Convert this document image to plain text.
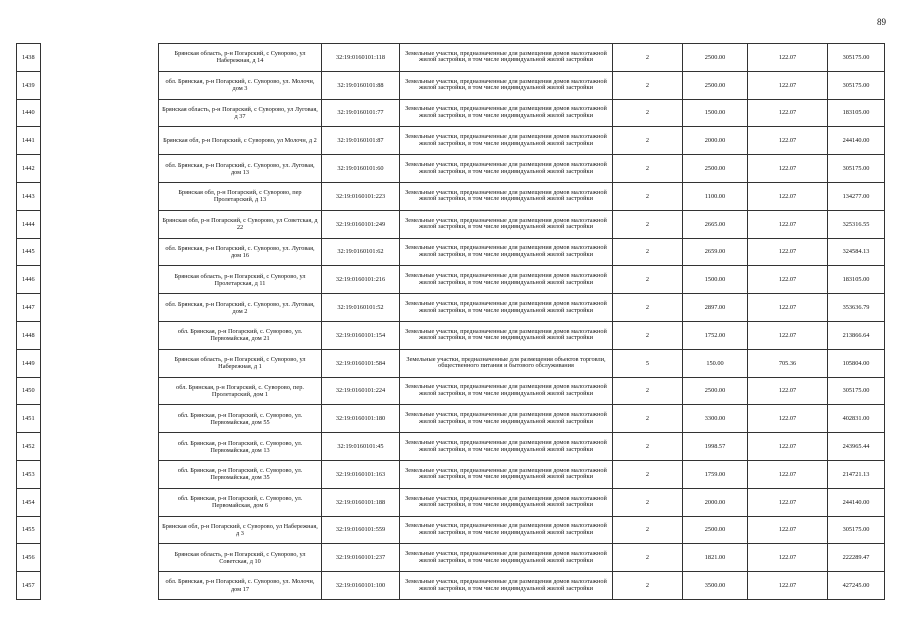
89
1438		Брянская область, р-н Погарский, с Суворово, ул Набережная, д 14	32:19:0160101:118	Земельные участки, предназначенные для размещения домов малоэтажной жилой застройки, в том числе индивидуальной жилой застройки	2	2500.00	122.07	305175.00
1439		обл. Брянская, р-н Погарский, с. Суворово, ул. Молочн, дом 3	32:19:0160101:88	Земельные участки, предназначенные для размещения домов малоэтажной жилой застройки, в том числе индивидуальной жилой застройки	2	2500.00	122.07	305175.00
1440		Брянская область, р-н Погарский, с Суворово, ул Луговая, д 37	32:19:0160101:77	Земельные участки, предназначенные для размещения домов малоэтажной жилой застройки, в том числе индивидуальной жилой застройки	2	1500.00	122.07	183105.00
1441		Брянская обл, р-н Погарский, с Суворово, ул Молочн, д 2	32:19:0160101:87	Земельные участки, предназначенные для размещения домов малоэтажной жилой застройки, в том числе индивидуальной жилой застройки	2	2000.00	122.07	244140.00
1442		обл. Брянская, р-н Погарский, с. Суворово, ул. Луговая, дом 13	32:19:0160101:60	Земельные участки, предназначенные для размещения домов малоэтажной жилой застройки, в том числе индивидуальной жилой застройки	2	2500.00	122.07	305175.00
1443		Брянская обл, р-н Погарский, с Суворово, пер Пролетарский, д 13	32:19:0160101:223	Земельные участки, предназначенные для размещения домов малоэтажной жилой застройки, в том числе индивидуальной жилой застройки	2	1100.00	122.07	134277.00
1444		Брянская обл, р-н Погарский, с Суворово, ул Советская, д 22	32:19:0160101:249	Земельные участки, предназначенные для размещения домов малоэтажной жилой застройки, в том числе индивидуальной жилой застройки	2	2665.00	122.07	325316.55
1445		обл. Брянская, р-н Погарский, с. Суворово, ул. Луговая, дом 16	32:19:0160101:62	Земельные участки, предназначенные для размещения домов малоэтажной жилой застройки, в том числе индивидуальной жилой застройки	2	2659.00	122.07	324584.13
1446		Брянская область, р-н Погарский, с Суворово, ул Пролетарская, д 11	32:19:0160101:216	Земельные участки, предназначенные для размещения домов малоэтажной жилой застройки, в том числе индивидуальной жилой застройки	2	1500.00	122.07	183105.00
1447		обл. Брянская, р-н Погарский, с. Суворово, ул. Луговая, дом 2	32:19:0160101:52	Земельные участки, предназначенные для размещения домов малоэтажной жилой застройки, в том числе индивидуальной жилой застройки	2	2897.00	122.07	353636.79
1448		обл. Брянская, р-н Погарский, с. Суворово, ул. Первомайская, дом 21	32:19:0160101:154	Земельные участки, предназначенные для размещения домов малоэтажной жилой застройки, в том числе индивидуальной жилой застройки	2	1752.00	122.07	213866.64
1449		Брянская область, р-н Погарский, с Суворово, ул Набережная, д 1	32:19:0160101:584	Земельные участки, предназначенные для размещения объектов торговли, общественного питания и бытового обслуживания	5	150.00	705.36	105804.00
1450		обл. Брянская, р-н Погарский, с. Суворово, пер. Пролетарский, дом 1	32:19:0160101:224	Земельные участки, предназначенные для размещения домов малоэтажной жилой застройки, в том числе индивидуальной жилой застройки	2	2500.00	122.07	305175.00
1451		обл. Брянская, р-н Погарский, с. Суворово, ул. Первомайская, дом 55	32:19:0160101:180	Земельные участки, предназначенные для размещения домов малоэтажной жилой застройки, в том числе индивидуальной жилой застройки	2	3300.00	122.07	402831.00
1452		обл. Брянская, р-н Погарский, с. Суворово, ул. Первомайская, дом 13	32:19:0160101:45	Земельные участки, предназначенные для размещения домов малоэтажной жилой застройки, в том числе индивидуальной жилой застройки	2	1998.57	122.07	243965.44
1453		обл. Брянская, р-н Погарский, с. Суворово, ул. Первомайская, дом 35	32:19:0160101:163	Земельные участки, предназначенные для размещения домов малоэтажной жилой застройки, в том числе индивидуальной жилой застройки	2	1759.00	122.07	214721.13
1454		обл. Брянская, р-н Погарский, с. Суворово, ул. Первомайская, дом 6	32:19:0160101:188	Земельные участки, предназначенные для размещения домов малоэтажной жилой застройки, в том числе индивидуальной жилой застройки	2	2000.00	122.07	244140.00
1455		Брянская обл, р-н Погарский, с Суворово, ул Набережная, д 3	32:19:0160101:559	Земельные участки, предназначенные для размещения домов малоэтажной жилой застройки, в том числе индивидуальной жилой застройки	2	2500.00	122.07	305175.00
1456		Брянская область, р-н Погарский, с Суворово, ул Советская, д 10	32:19:0160101:237	Земельные участки, предназначенные для размещения домов малоэтажной жилой застройки, в том числе индивидуальной жилой застройки	2	1821.00	122.07	222289.47
1457		обл. Брянская, р-н Погарский, с. Суворово, ул. Молочн, дом 17	32:19:0160101:100	Земельные участки, предназначенные для размещения домов малоэтажной жилой застройки, в том числе индивидуальной жилой застройки	2	3500.00	122.07	427245.00
